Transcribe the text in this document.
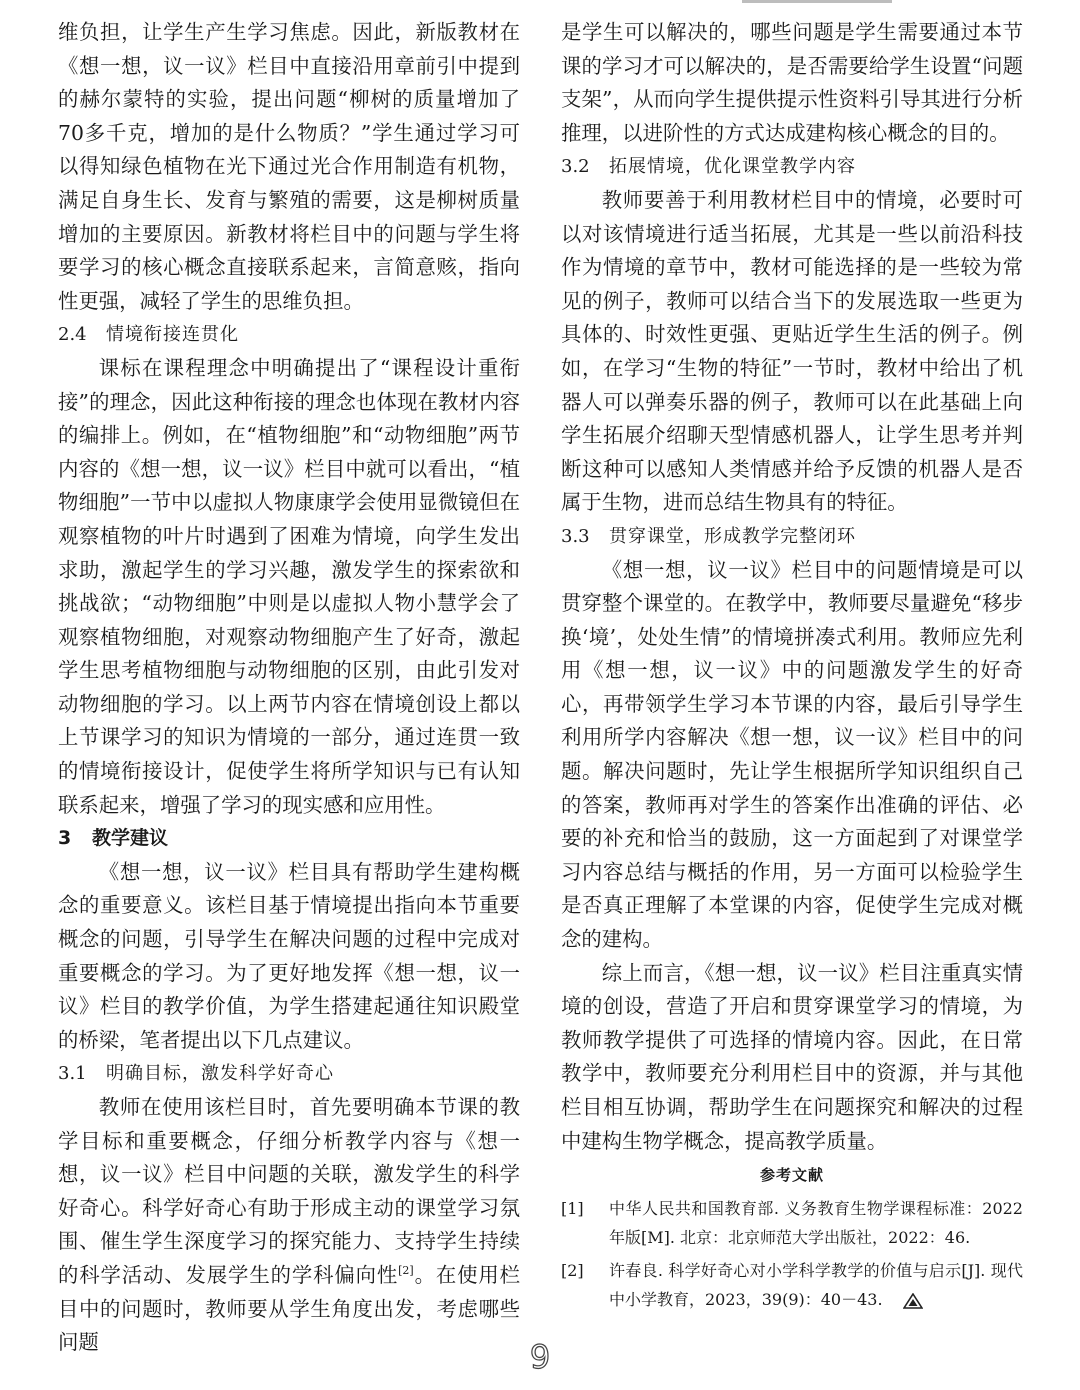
维负担，让学生产生学习焦虑。因此，新版教材在《想一想，议一议》栏目中直接沿用章前引中提到的赫尔蒙特的实验，提出问题“柳树的质量增加了70多千克，增加的是什么物质？”学生通过学习可以得知绿色植物在光下通过光合作用制造有机物，满足自身生长、发育与繁殖的需要，这是柳树质量增加的主要原因。新教材将栏目中的问题与学生将要学习的核心概念直接联系起来，言简意赅，指向性更强，减轻了学生的思维负担。

2.4 情境衔接连贯化

课标在课程理念中明确提出了“课程设计重衔接”的理念，因此这种衔接的理念也体现在教材内容的编排上。例如，在“植物细胞”和“动物细胞”两节内容的《想一想，议一议》栏目中就可以看出，“植物细胞”一节中以虚拟人物康康学会使用显微镜但在观察植物的叶片时遇到了困难为情境，向学生发出求助，激起学生的学习兴趣，激发学生的探索欲和挑战欲；“动物细胞”中则是以虚拟人物小慧学会了观察植物细胞，对观察动物细胞产生了好奇，激起学生思考植物细胞与动物细胞的区别，由此引发对动物细胞的学习。以上两节内容在情境创设上都以上节课学习的知识为情境的一部分，通过连贯一致的情境衔接设计，促使学生将所学知识与已有认知联系起来，增强了学习的现实感和应用性。

3 教学建议

《想一想，议一议》栏目具有帮助学生建构概念的重要意义。该栏目基于情境提出指向本节重要概念的问题，引导学生在解决问题的过程中完成对重要概念的学习。为了更好地发挥《想一想，议一议》栏目的教学价值，为学生搭建起通往知识殿堂的桥梁，笔者提出以下几点建议。

3.1 明确目标，激发科学好奇心

教师在使用该栏目时，首先要明确本节课的教学目标和重要概念，仔细分析教学内容与《想一想，议一议》栏目中问题的关联，激发学生的科学好奇心。科学好奇心有助于形成主动的课堂学习氛围、催生学生深度学习的探究能力、支持学生持续的科学活动、发展学生的学科偏向性[2]。在使用栏目中的问题时，教师要从学生角度出发，考虑哪些问题

是学生可以解决的，哪些问题是学生需要通过本节课的学习才可以解决的，是否需要给学生设置“问题支架”，从而向学生提供提示性资料引导其进行分析推理，以进阶性的方式达成建构核心概念的目的。

3.2 拓展情境，优化课堂教学内容

教师要善于利用教材栏目中的情境，必要时可以对该情境进行适当拓展，尤其是一些以前沿科技作为情境的章节中，教材可能选择的是一些较为常见的例子，教师可以结合当下的发展选取一些更为具体的、时效性更强、更贴近学生生活的例子。例如，在学习“生物的特征”一节时，教材中给出了机器人可以弹奏乐器的例子，教师可以在此基础上向学生拓展介绍聊天型情感机器人，让学生思考并判断这种可以感知人类情感并给予反馈的机器人是否属于生物，进而总结生物具有的特征。

3.3 贯穿课堂，形成教学完整闭环

《想一想，议一议》栏目中的问题情境是可以贯穿整个课堂的。在教学中，教师要尽量避免“移步换‘境’，处处生情”的情境拼凑式利用。教师应先利用《想一想，议一议》中的问题激发学生的好奇心，再带领学生学习本节课的内容，最后引导学生利用所学内容解决《想一想，议一议》栏目中的问题。解决问题时，先让学生根据所学知识组织自己的答案，教师再对学生的答案作出准确的评估、必要的补充和恰当的鼓励，这一方面起到了对课堂学习内容总结与概括的作用，另一方面可以检验学生是否真正理解了本堂课的内容，促使学生完成对概念的建构。

综上而言，《想一想，议一议》栏目注重真实情境的创设，营造了开启和贯穿课堂学习的情境，为教师教学提供了可选择的情境内容。因此，在日常教学中，教师要充分利用栏目中的资源，并与其他栏目相互协调，帮助学生在问题探究和解决的过程中建构生物学概念，提高教学质量。

参考文献
[1]	中华人民共和国教育部. 义务教育生物学课程标准：2022年版[M]. 北京：北京师范大学出版社，2022：46.
[2]	许春良. 科学好奇心对小学科学教学的价值与启示[J]. 现代中小学教育，2023，39(9)：40－43.
9
